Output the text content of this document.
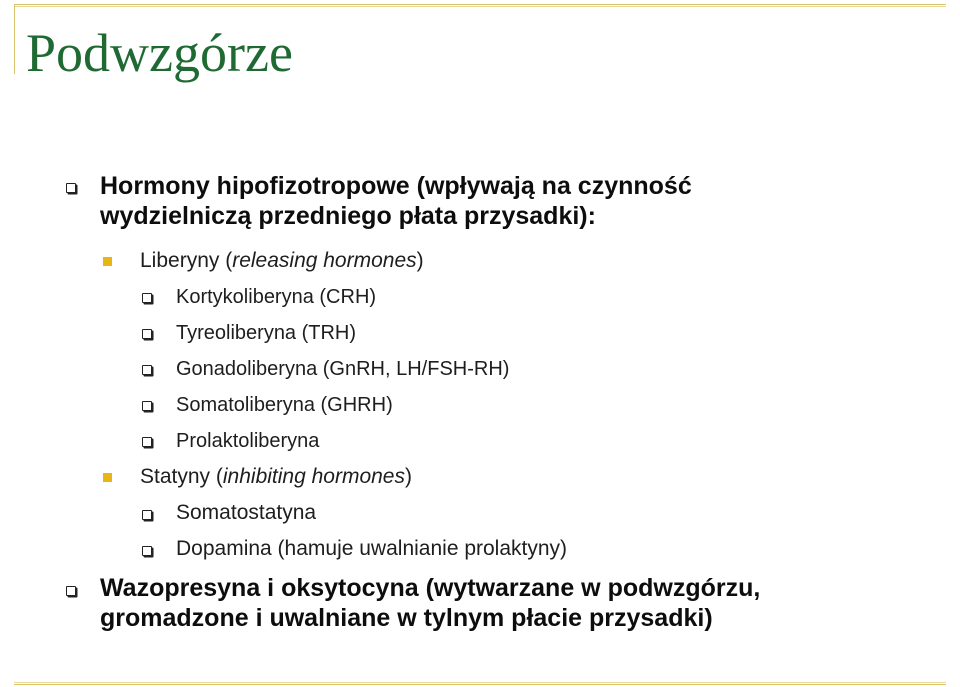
Podwzgórze
Hormony hipofizotropowe (wpływają na czynność
wydzielniczą przedniego płata przysadki):
Liberyny (releasing hormones)
Kortykoliberyna (CRH)
Tyreoliberyna (TRH)
Gonadoliberyna (GnRH, LH/FSH-RH)
Somatoliberyna (GHRH)
Prolaktoliberyna
Statyny (inhibiting hormones)
Somatostatyna
Dopamina (hamuje uwalnianie prolaktyny)
Wazopresyna i oksytocyna (wytwarzane w podwzgórzu,
gromadzone i uwalniane w tylnym płacie przysadki)
